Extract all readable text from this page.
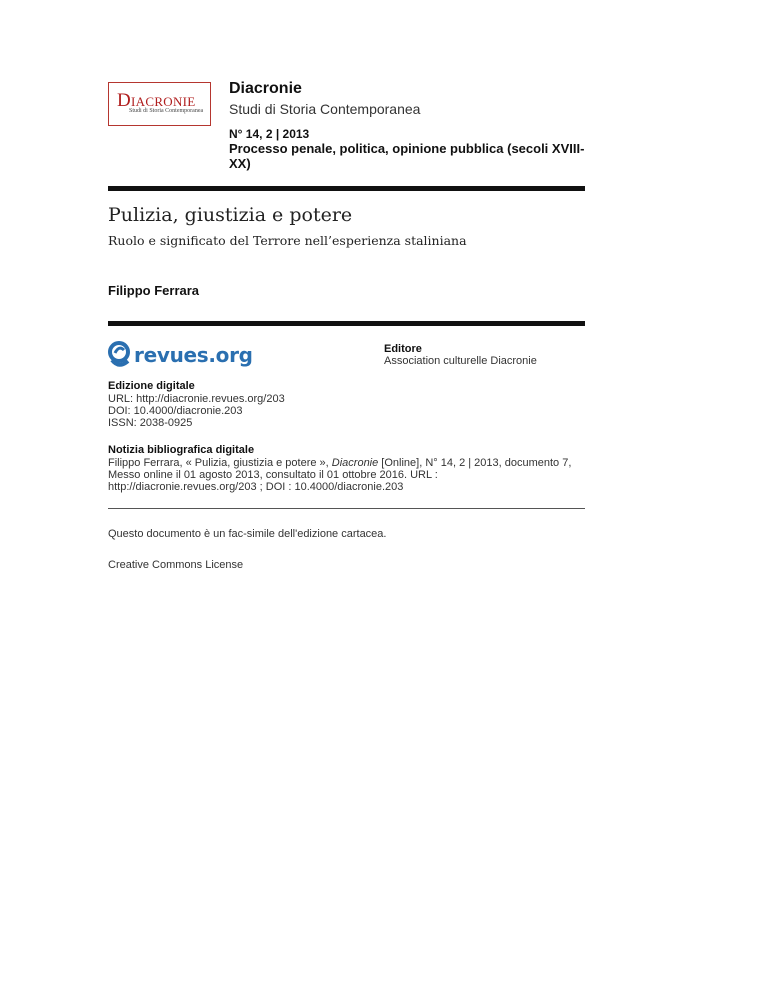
DIACRONIE
Studi di Storia Contemporanea
Diacronie
Studi di Storia Contemporanea
N° 14, 2 | 2013
Processo penale, politica, opinione pubblica (secoli XVIII-XX)
Pulizia, giustizia e potere
Ruolo e significato del Terrore nell’esperienza staliniana
Filippo Ferrara
revues.org	Editore
Association culturelle Diacronie
Edizione digitale
URL: http://diacronie.revues.org/203
DOI: 10.4000/diacronie.203
ISSN: 2038-0925
Notizia bibliografica digitale
Filippo Ferrara, « Pulizia, giustizia e potere », Diacronie [Online], N° 14, 2 | 2013, documento 7, Messo online il 01 agosto 2013, consultato il 01 ottobre 2016. URL : http://diacronie.revues.org/203 ; DOI : 10.4000/diacronie.203
Questo documento è un fac-simile dell'edizione cartacea.
Creative Commons License
